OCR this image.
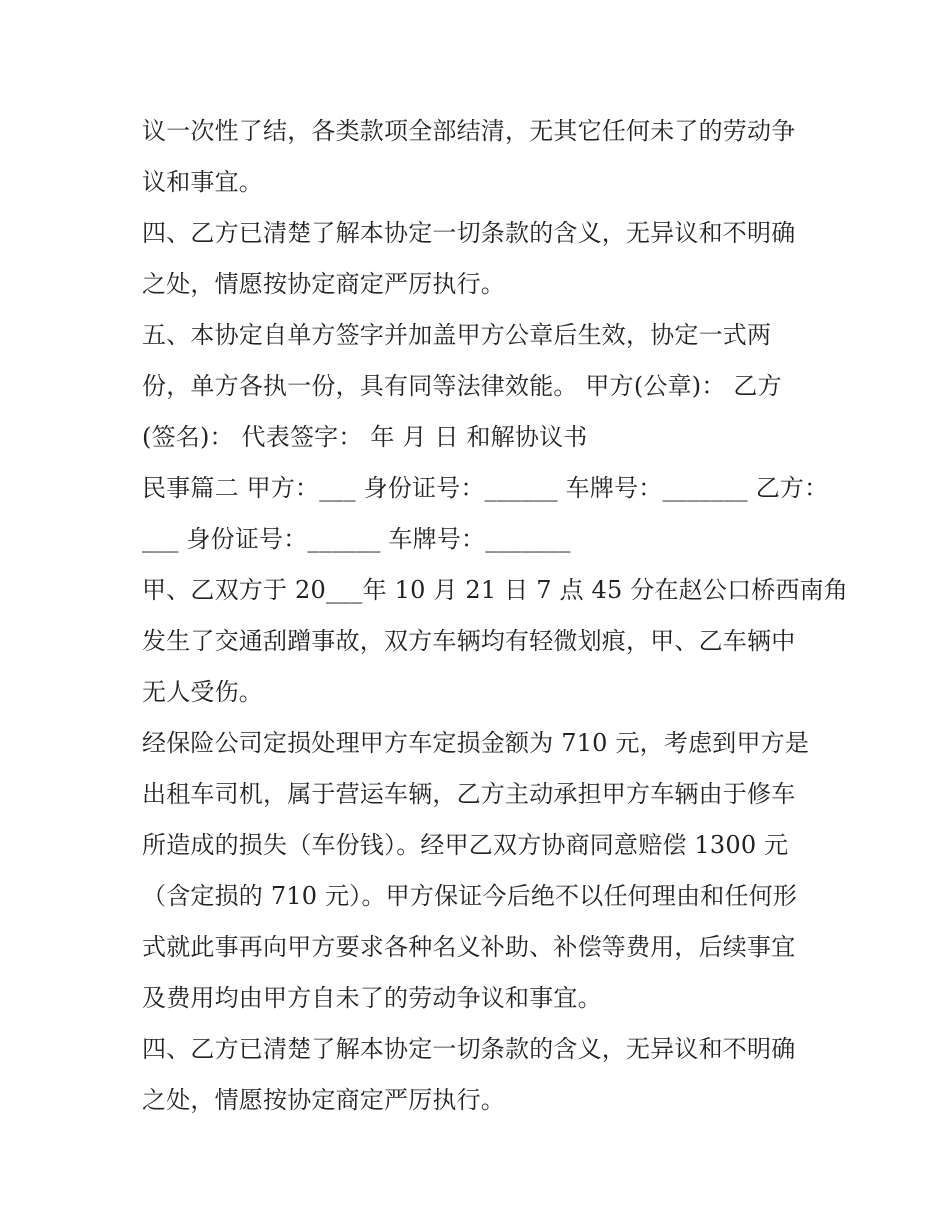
议一次性了结，各类款项全部结清，无其它任何未了的劳动争
议和事宜。
四、乙方已清楚了解本协定一切条款的含义，无异议和不明确
之处，情愿按协定商定严厉执行。
五、本协定自单方签字并加盖甲方公章后生效，协定一式两
份，单方各执一份，具有同等法律效能。 甲方(公章)： 乙方
(签名)： 代表签字： 年 月 日 和解协议书
民事篇二 甲方：___ 身份证号：______ 车牌号：_______ 乙方：
___ 身份证号：______ 车牌号：_______
甲、乙双方于 20___年 10 月 21 日 7 点 45 分在赵公口桥西南角
发生了交通刮蹭事故，双方车辆均有轻微划痕，甲、乙车辆中
无人受伤。
经保险公司定损处理甲方车定损金额为 710 元，考虑到甲方是
出租车司机，属于营运车辆，乙方主动承担甲方车辆由于修车
所造成的损失（车份钱）。经甲乙双方协商同意赔偿 1300 元
（含定损的 710 元）。甲方保证今后绝不以任何理由和任何形
式就此事再向甲方要求各种名义补助、补偿等费用，后续事宜
及费用均由甲方自未了的劳动争议和事宜。
四、乙方已清楚了解本协定一切条款的含义，无异议和不明确
之处，情愿按协定商定严厉执行。
